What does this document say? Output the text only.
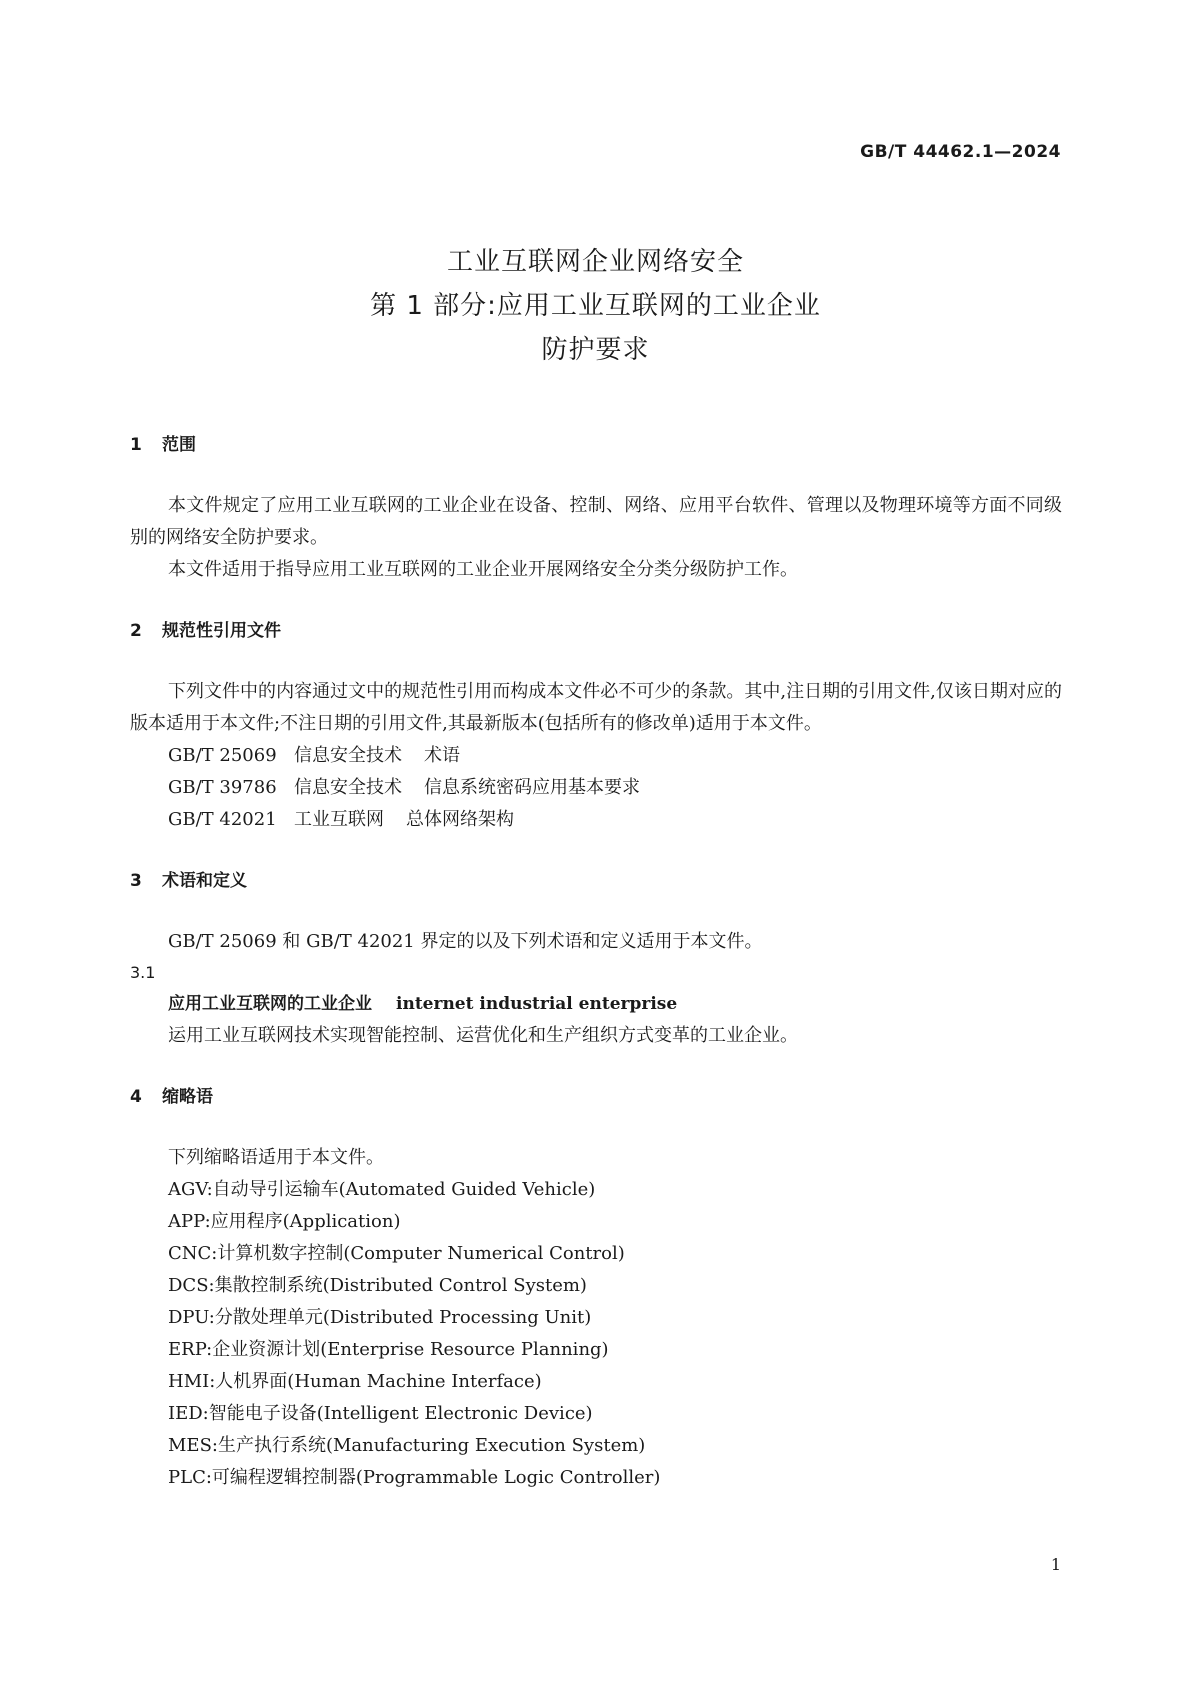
GB/T 44462.1—2024
工业互联网企业网络安全
第 1 部分:应用工业互联网的工业企业
防护要求
1 范围

本文件规定了应用工业互联网的工业企业在设备、控制、网络、应用平台软件、管理以及物理环境等方面不同级别的网络安全防护要求。

本文件适用于指导应用工业互联网的工业企业开展网络安全分类分级防护工作。

2 规范性引用文件

下列文件中的内容通过文中的规范性引用而构成本文件必不可少的条款。其中,注日期的引用文件,仅该日期对应的版本适用于本文件;不注日期的引用文件,其最新版本(包括所有的修改单)适用于本文件。

GB/T 25069 信息安全技术 术语
GB/T 39786 信息安全技术 信息系统密码应用基本要求
GB/T 42021 工业互联网 总体网络架构
3 术语和定义

GB/T 25069 和 GB/T 42021 界定的以及下列术语和定义适用于本文件。

3.1
应用工业互联网的工业企业 internet industrial enterprise

运用工业互联网技术实现智能控制、运营优化和生产组织方式变革的工业企业。

4 缩略语

下列缩略语适用于本文件。

AGV:自动导引运输车(Automated Guided Vehicle)
APP:应用程序(Application)
CNC:计算机数字控制(Computer Numerical Control)
DCS:集散控制系统(Distributed Control System)
DPU:分散处理单元(Distributed Processing Unit)
ERP:企业资源计划(Enterprise Resource Planning)
HMI:人机界面(Human Machine Interface)
IED:智能电子设备(Intelligent Electronic Device)
MES:生产执行系统(Manufacturing Execution System)
PLC:可编程逻辑控制器(Programmable Logic Controller)
1
